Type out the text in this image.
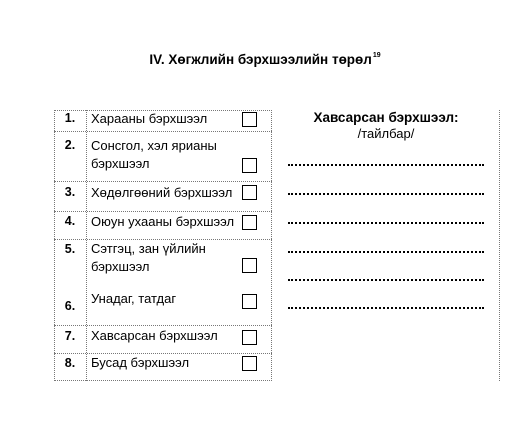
IV. Хөгжлийн бэрхшээлийн төрөл$^{19}$
1.	Харааны бэрхшээл
2.	Сонсгол, хэл ярианы
бэрхшээл
3.	Хөдөлгөөний бэрхшээл
4.	Оюун ухааны бэрхшээл
5.	Сэтгэц, зан үйлийн
бэрхшээл
6.	Унадаг, татдаг
7.	Хавсарсан бэрхшээл
8.	Бусад бэрхшээл
Хавсарсан бэрхшээл:
/тайлбар/
